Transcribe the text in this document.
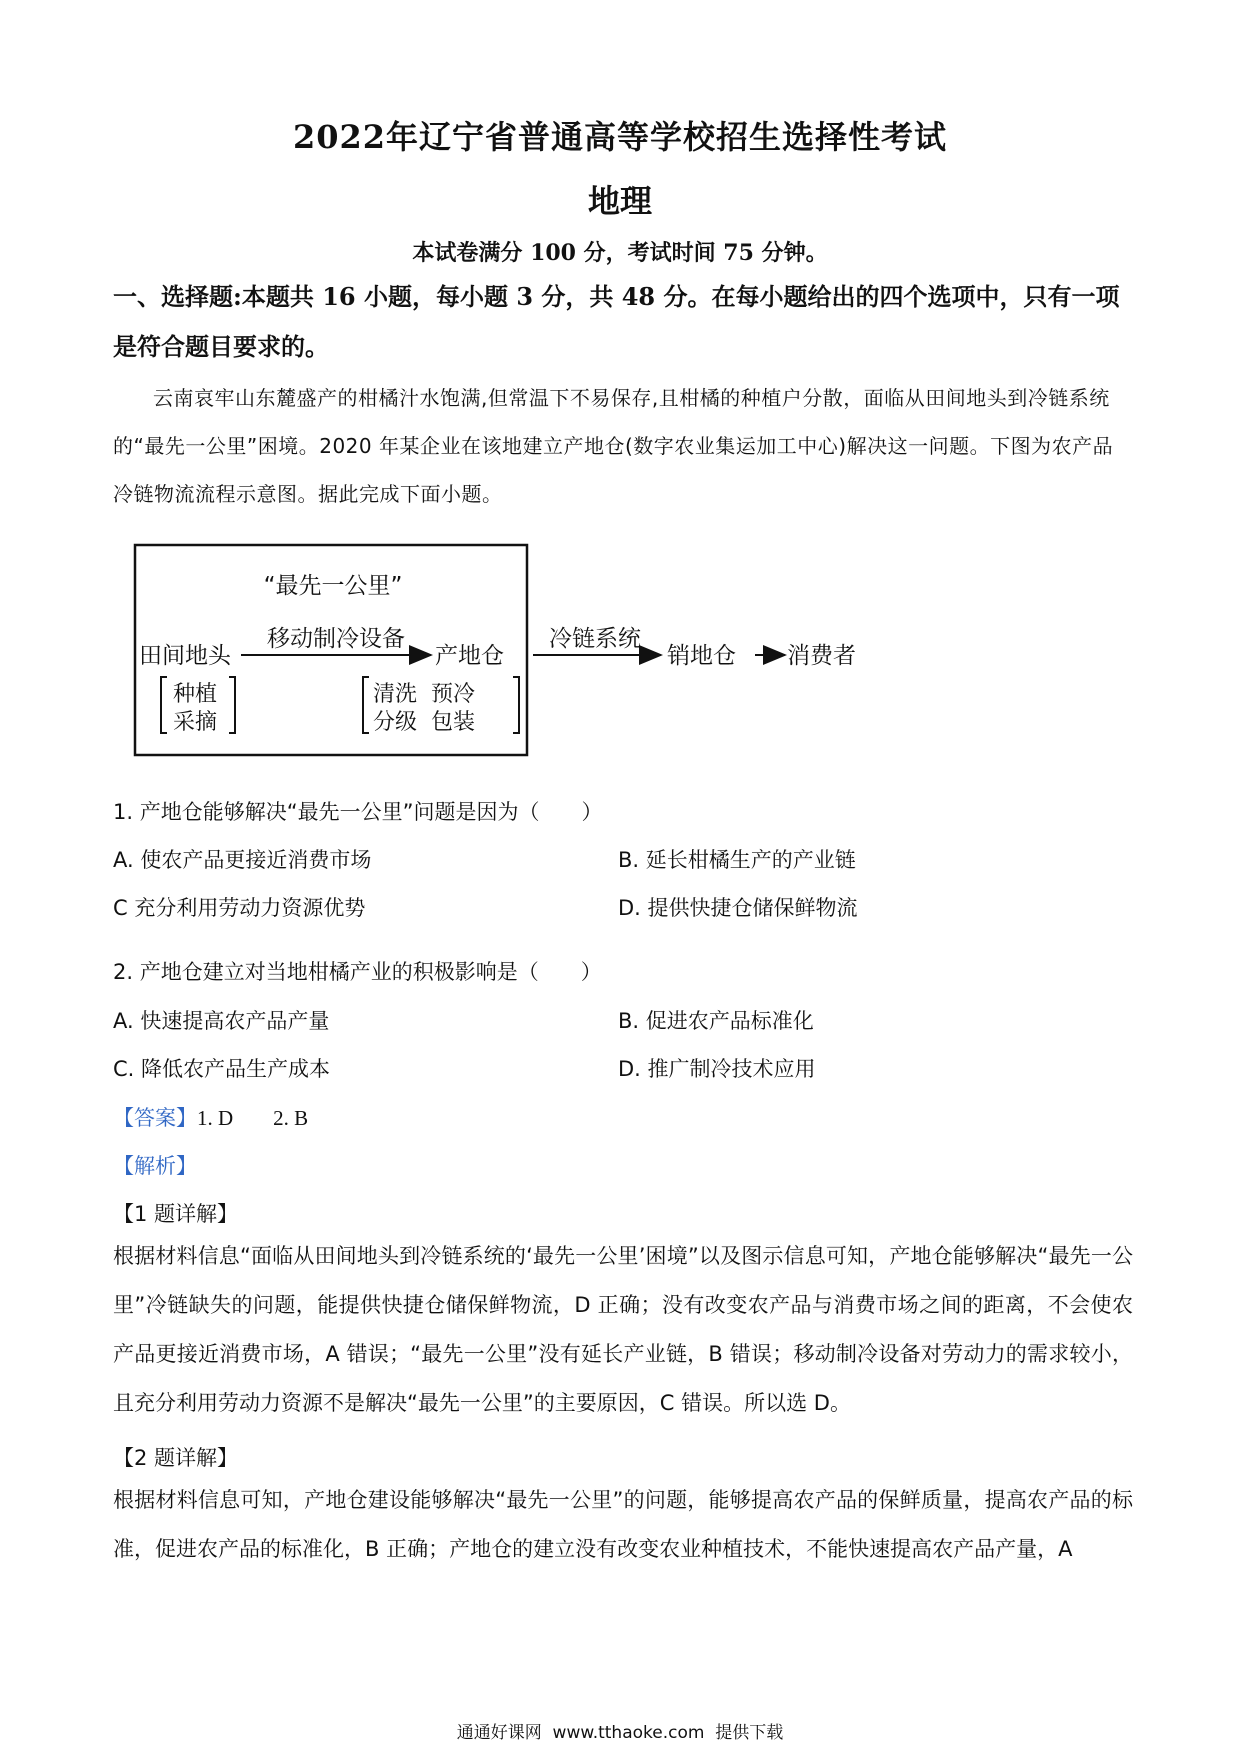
2022年辽宁省普通高等学校招生选择性考试
地理
本试卷满分 100 分，考试时间 75 分钟。
一、选择题:本题共 16 小题，每小题 3 分，共 48 分。在每小题给出的四个选项中，只有一项是符合题目要求的。
云南哀牢山东麓盛产的柑橘汁水饱满,但常温下不易保存,且柑橘的种植户分散，面临从田间地头到冷链系统的“最先一公里”困境。2020 年某企业在该地建立产地仓(数字农业集运加工中心)解决这一问题。下图为农产品冷链物流流程示意图。据此完成下面小题。
“最先一公里”
田间地头
移动制冷设备
产地仓
种植
采摘
清洗  预冷
分级  包装
冷链系统
销地仓 消费者
1. 产地仓能够解决“最先一公里”问题是因为（　　）
A. 使农产品更接近消费市场	B. 延长柑橘生产的产业链
C 充分利用劳动力资源优势	D. 提供快捷仓储保鲜物流
2. 产地仓建立对当地柑橘产业的积极影响是（　　）
A. 快速提高农产品产量	B. 促进农产品标准化
C. 降低农产品生产成本	D. 推广制冷技术应用
【答案】1. D 2. B
【解析】
【1 题详解】
根据材料信息“面临从田间地头到冷链系统的‘最先一公里’困境”以及图示信息可知，产地仓能够解决“最先一公里”冷链缺失的问题，能提供快捷仓储保鲜物流，D 正确；没有改变农产品与消费市场之间的距离，不会使农产品更接近消费市场，A 错误；“最先一公里”没有延长产业链，B 错误；移动制冷设备对劳动力的需求较小，且充分利用劳动力资源不是解决“最先一公里”的主要原因，C 错误。所以选 D。
【2 题详解】
根据材料信息可知，产地仓建设能够解决“最先一公里”的问题，能够提高农产品的保鲜质量，提高农产品的标准，促进农产品的标准化，B 正确；产地仓的建立没有改变农业种植技术，不能快速提高农产品产量，A
通通好课网  www.tthaoke.com  提供下载
